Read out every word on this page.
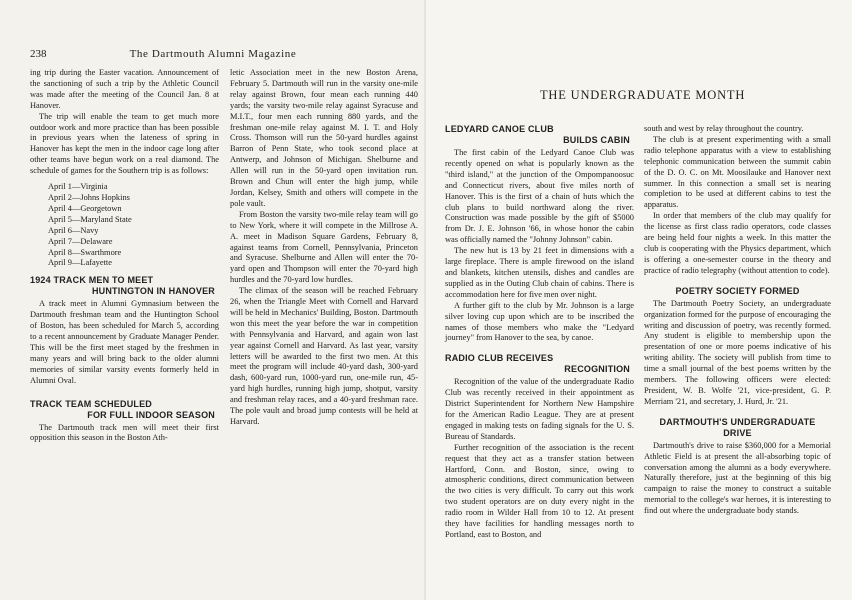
238	The Dartmouth Alumni Magazine

ing trip during the Easter vacation. Announcement of the sanctioning of such a trip by the Athletic Council was made after the meeting of the Council Jan. 8 at Hanover.

The trip will enable the team to get much more outdoor work and more practice than has been possible in previous years when the lateness of spring in Hanover has kept the men in the indoor cage long after other teams have begun work on a real diamond. The schedule of games for the Southern trip is as follows:

April 1—Virginia
April 2—Johns Hopkins
April 4—Georgetown
April 5—Maryland State
April 6—Navy
April 7—Delaware
April 8—Swarthmore
April 9—Lafayette
1924 TRACK MEN TO MEET
HUNTINGTON IN HANOVER

A track meet in Alumni Gymnasium between the Dartmouth freshman team and the Huntington School of Boston, has been scheduled for March 5, according to a recent announcement by Graduate Manager Pender. This will be the first meet staged by the freshmen in many years and will bring back to the older alumni memories of similar varsity events formerly held in Alumni Oval.

TRACK TEAM SCHEDULED
FOR FULL INDOOR SEASON

The Dartmouth track men will meet their first opposition this season in the Boston Ath-

letic Association meet in the new Boston Arena, February 5. Dartmouth will run in the varsity one-mile relay against Brown, four mean each running 440 yards; the varsity two-mile relay against Syracuse and M.I.T., four men each running 880 yards, and the freshman one-mile relay against M. I. T. and Holy Cross. Thomson will run the 50-yard hurdles against Barron of Penn State, who took second place at Antwerp, and Johnson of Michigan. Shelburne and Allen will run in the 50-yard open invitation run. Brown and Chun will enter the high jump, while Jordan, Kelsey, Smith and others will compete in the pole vault.

From Boston the varsity two-mile relay team will go to New York, where it will compete in the Millrose A. A. meet in Madison Square Gardens, February 8, against teams from Cornell, Pennsylvania, Princeton and Syracuse. Shelburne and Allen will enter the 70-yard open and Thompson will enter the 70-yard high hurdles and the 70-yard low hurdles.

The climax of the season will be reached February 26, when the Triangle Meet with Cornell and Harvard will be held in Mechanics' Building, Boston. Dartmouth won this meet the year before the war in competition with Pennsylvania and Harvard, and again won last year against Cornell and Harvard. As last year, varsity letters will be awarded to the first two men. At this meet the program will include 40-yard dash, 300-yard dash, 600-yard run, 1000-yard run, one-mile run, 45-yard high hurdles, running high jump, shotput, varsity and freshman relay races, and a 40-yard freshman race. The pole vault and broad jump contests will be held at Harvard.

LEDYARD CANOE CLUB
BUILDS CABIN

The first cabin of the Ledyard Canoe Club was recently opened on what is popularly known as the "third island," at the junction of the Ompompanoosuc and Connecticut rivers, about five miles north of Hanover. This is the first of a chain of huts which the club plans to build northward along the river. Construction was made possible by the gift of $5000 from Dr. J. E. Johnson '66, in whose honor the cabin was officially named the "Johnny Johnson" cabin.

The new hut is 13 by 21 feet in dimensions with a large fireplace. There is ample firewood on the island and blankets, kitchen utensils, dishes and candles are supplied as in the Outing Club chain of cabins. There is accommodation here for five men over night.

A further gift to the club by Mr. Johnson is a large silver loving cup upon which are to be inscribed the names of those members who make the "Ledyard journey" from Hanover to the sea, by canoe.

RADIO CLUB RECEIVES
RECOGNITION

Recognition of the value of the undergraduate Radio Club was recently received in their appointment as District Superintendent for Northern New Hampshire for the American Radio League. They are at present engaged in making tests on fading signals for the U. S. Bureau of Standards.

Further recognition of the association is the recent request that they act as a transfer station between Hartford, Conn. and Boston, since, owing to atmospheric conditions, direct communication between the two cities is very difficult. To carry out this work two student operators are on duty every night in the radio room in Wilder Hall from 10 to 12. At present they have facilities for handling messages north to Portland, east to Boston, and

south and west by relay throughout the country.

The club is at present experimenting with a small radio telephone apparatus with a view to establishing telephonic communication between the summit cabin of the D. O. C. on Mt. Moosilauke and Hanover next summer. In this connection a small set is nearing completion to be used at different cabins to test the apparatus.

In order that members of the club may qualify for the license as first class radio operators, code classes are being held four nights a week. In this matter the club is cooperating with the Physics department, which is offering a one-semester course in the theory and practice of radio telegraphy (without attention to code).

POETRY SOCIETY FORMED

The Dartmouth Poetry Society, an undergraduate organization formed for the purpose of encouraging the writing and discussion of poetry, was recently formed. Any student is eligible to membership upon the presentation of one or more poems indicative of his writing ability. The society will publish from time to time a small journal of the best poems written by the members. The following officers were elected: President, W. B. Wolfe '21, vice-president, G. P. Merriam '21, and secretary, J. Hurd, Jr. '21.

DARTMOUTH'S UNDERGRADUATE
DRIVE

Dartmouth's drive to raise $360,000 for a Memorial Athletic Field is at present the all-absorbing topic of conversation among the alumni as a body everywhere. Naturally therefore, just at the beginning of this big campaign to raise the money to construct a suitable memorial to the college's war heroes, it is interesting to find out where the undergraduate body stands.

THE UNDERGRADUATE MONTH
